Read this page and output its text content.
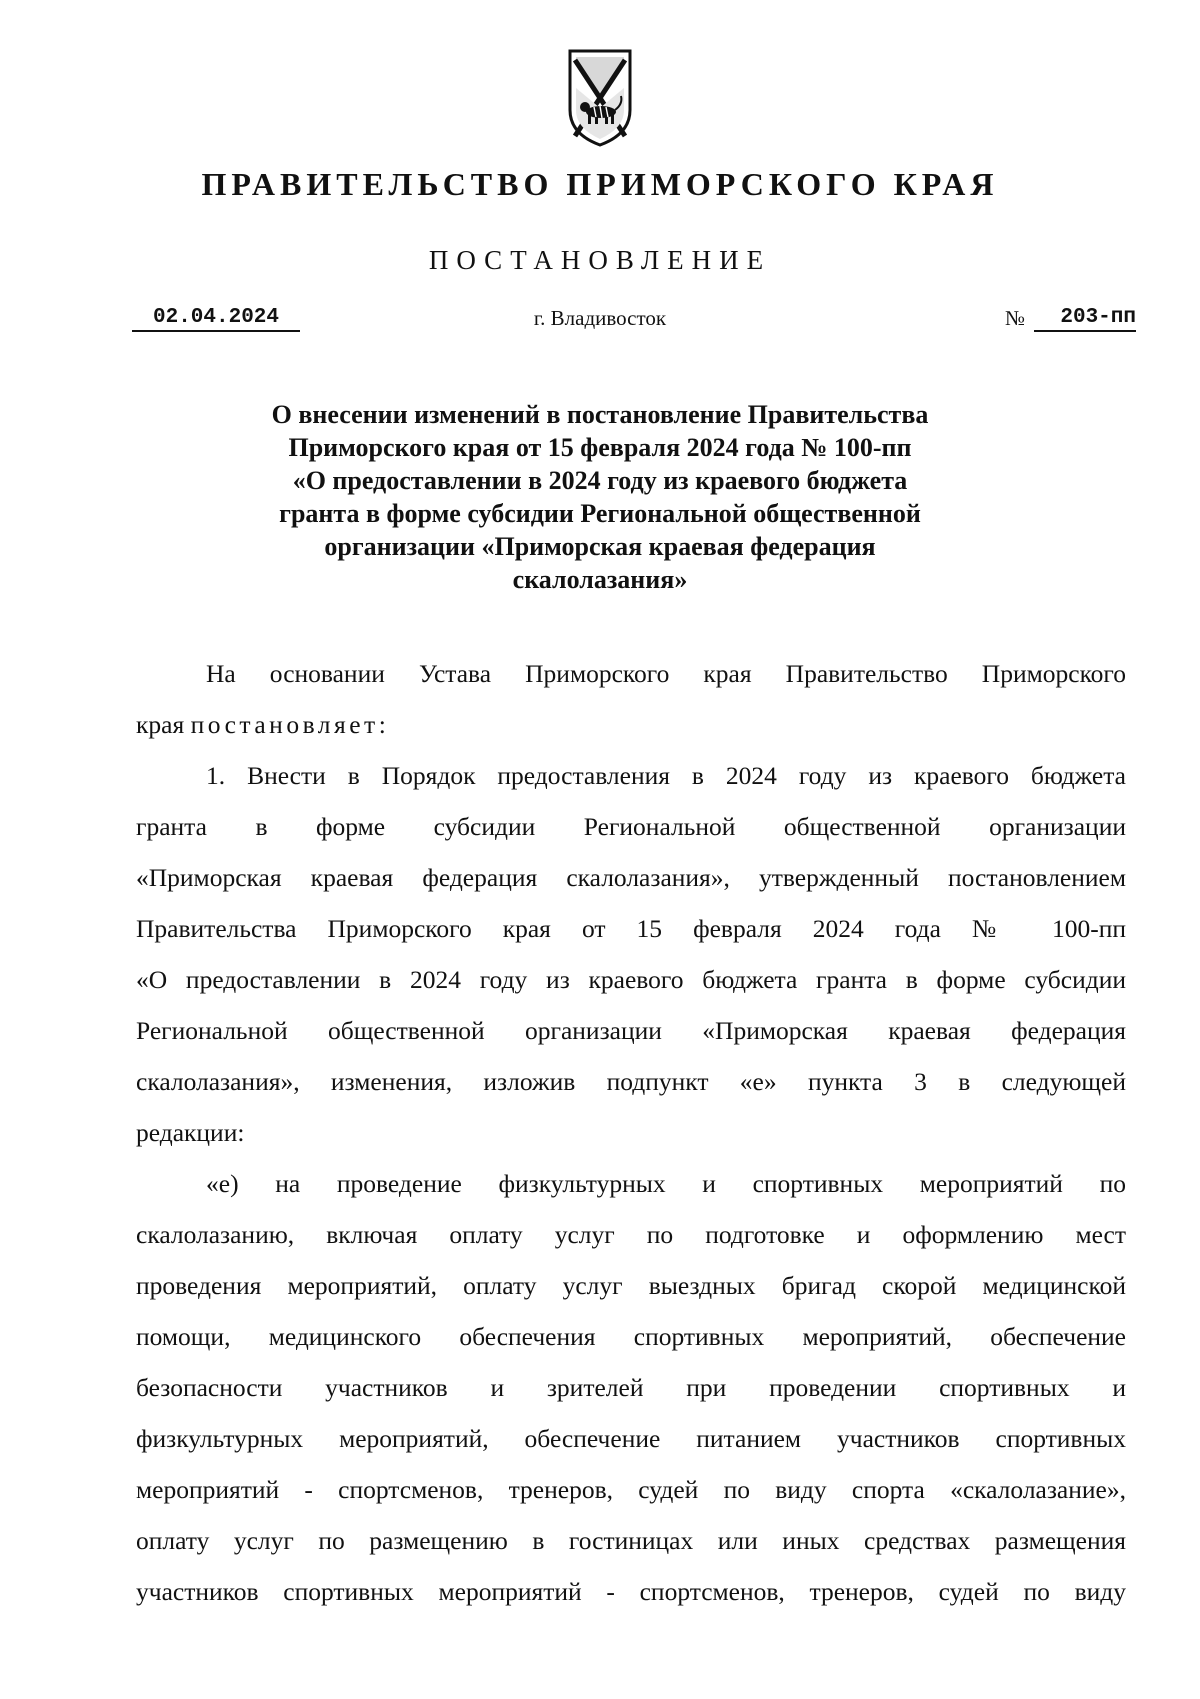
ПРАВИТЕЛЬСТВО ПРИМОРСКОГО КРАЯ
ПОСТАНОВЛЕНИЕ
02.04.2024	г. Владивосток	№	203-пп
О внесении изменений в постановление Правительства
Приморского края от 15 февраля 2024 года № 100-пп
«О предоставлении в 2024 году из краевого бюджета
гранта в форме субсидии Региональной общественной
организации «Приморская краевая федерация
скалолазания»
На основании Устава Приморского края Правительство Приморского
края постановляет:
1. Внести в Порядок предоставления в 2024 году из краевого бюджета
гранта в форме субсидии Региональной общественной организации
«Приморская краевая федерация скалолазания», утвержденный постановлением
Правительства Приморского края от 15 февраля 2024 года № 100-пп
«О предоставлении в 2024 году из краевого бюджета гранта в форме субсидии
Региональной общественной организации «Приморская краевая федерация
скалолазания», изменения, изложив подпункт «е» пункта 3 в следующей
редакции:
«е) на проведение физкультурных и спортивных мероприятий по
скалолазанию, включая оплату услуг по подготовке и оформлению мест
проведения мероприятий, оплату услуг выездных бригад скорой медицинской
помощи, медицинского обеспечения спортивных мероприятий, обеспечение
безопасности участников и зрителей при проведении спортивных и
физкультурных мероприятий, обеспечение питанием участников спортивных
мероприятий - спортсменов, тренеров, судей по виду спорта «скалолазание»,
оплату услуг по размещению в гостиницах или иных средствах размещения
участников спортивных мероприятий - спортсменов, тренеров, судей по виду
